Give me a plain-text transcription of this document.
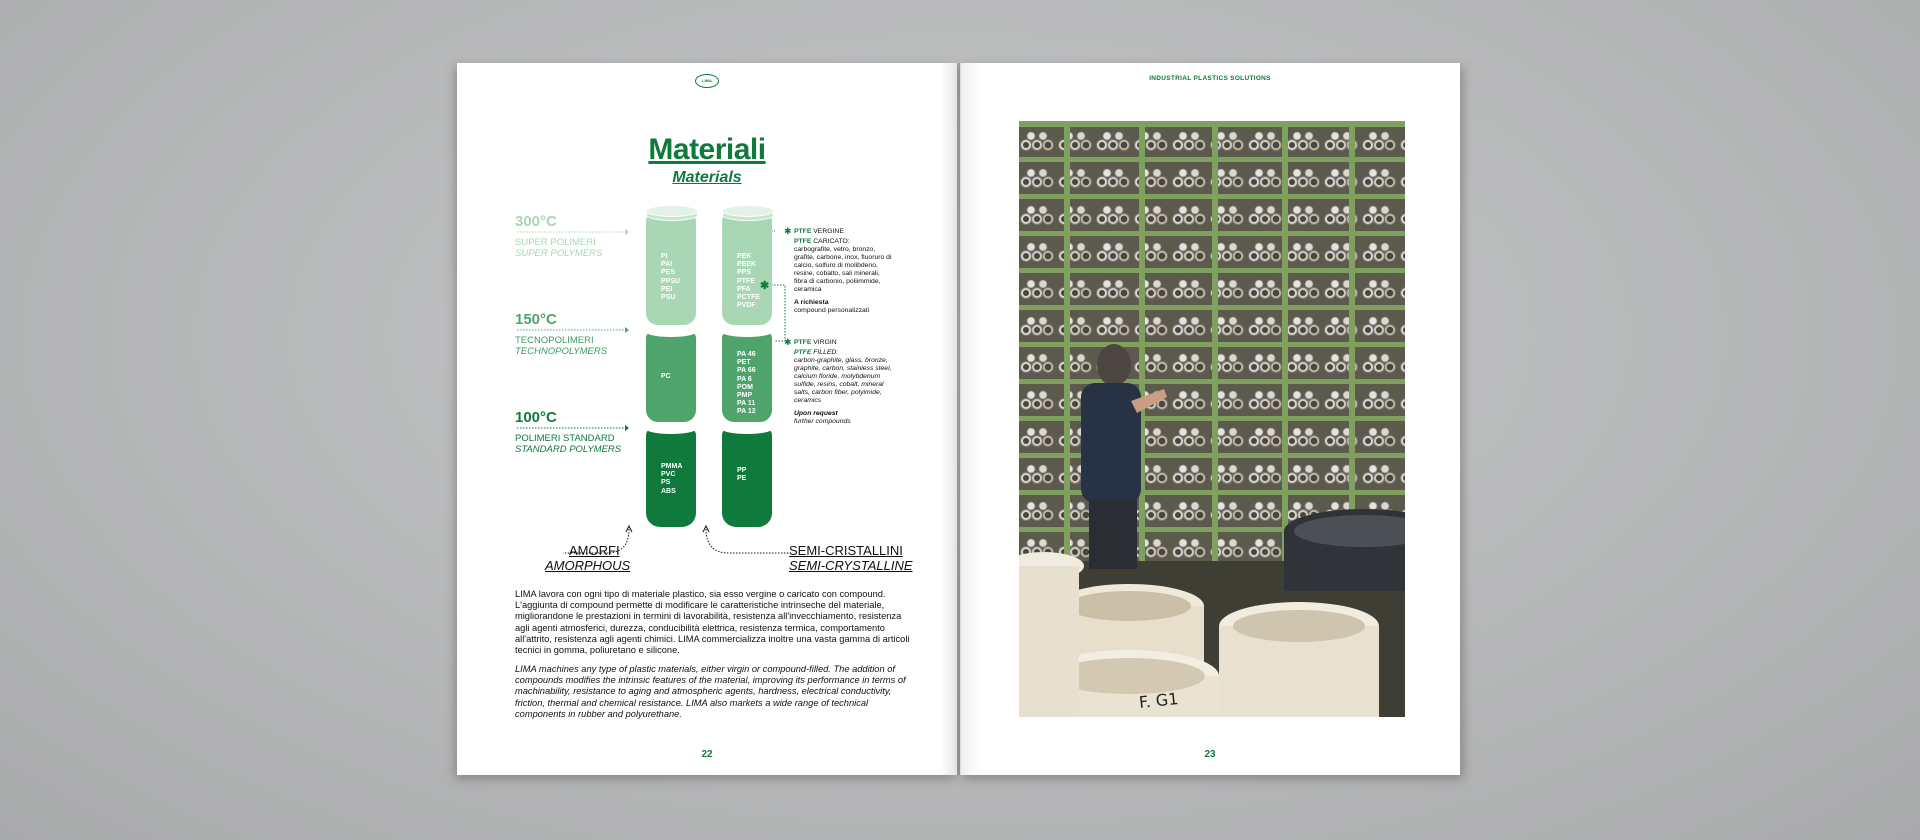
LIMA
Materiali
Materials
300°C
SUPER POLIMERI
SUPER POLYMERS
150°C
TECNOPOLIMERI
TECHNOPOLYMERS
100°C
POLIMERI STANDARD
STANDARD POLYMERS
PI
PAI
PES
PPSU
PEI
PSU
PC
PMMA
PVC
PS
ABS
PEK
PEEK
PPS
PTFE
PFA
PCTFE
PVDF
PA 46
PET
PA 66
PA 6
POM
PMP
PA 11
PA 12
PP
PE
✱
✱ PTFE VERGINE
PTFE CARICATO:
carbografite, vetro, bronzo, grafite, carbone, inox, fluoruro di calcio, solfuro di molibdeno, resine, cobalto, sali minerali, fibra di carbonio, poliimmide, ceramica
A richiesta
compound personalizzati
✱ PTFE VIRGIN
PTFE FILLED:
carbon-graphite, glass, bronze, graphite, carbon, stainless steel, calcium floride, molybdenum sulfide, resins, cobalt, mineral salts, carbon fiber, polyimide, ceramics
Upon request
further compounds
AMORFI
AMORPHOUS
SEMI-CRISTALLINI
SEMI-CRYSTALLINE
LIMA lavora con ogni tipo di materiale plastico, sia esso vergine o caricato con compound. L'aggiunta di compound permette di modificare le caratteristiche intrinseche del materiale, migliorandone le prestazioni in termini di lavorabilità, resistenza all'invecchiamento, resistenza agli agenti atmosferici, durezza, conducibilità elettrica, resistenza termica, comportamento all'attrito, resistenza agli agenti chimici. LIMA commercializza inoltre una vasta gamma di articoli tecnici in gomma, poliuretano e silicone.
LIMA machines any type of plastic materials, either virgin or compound-filled. The addition of compounds modifies the intrinsic features of the material, improving its performance in terms of machinability, resistance to aging and atmospheric agents, hardness, electrical conductivity, friction, thermal and chemical resistance. LIMA also markets a wide range of technical components in rubber and polyurethane.
22
INDUSTRIAL PLASTICS SOLUTIONS
F. G1
23
